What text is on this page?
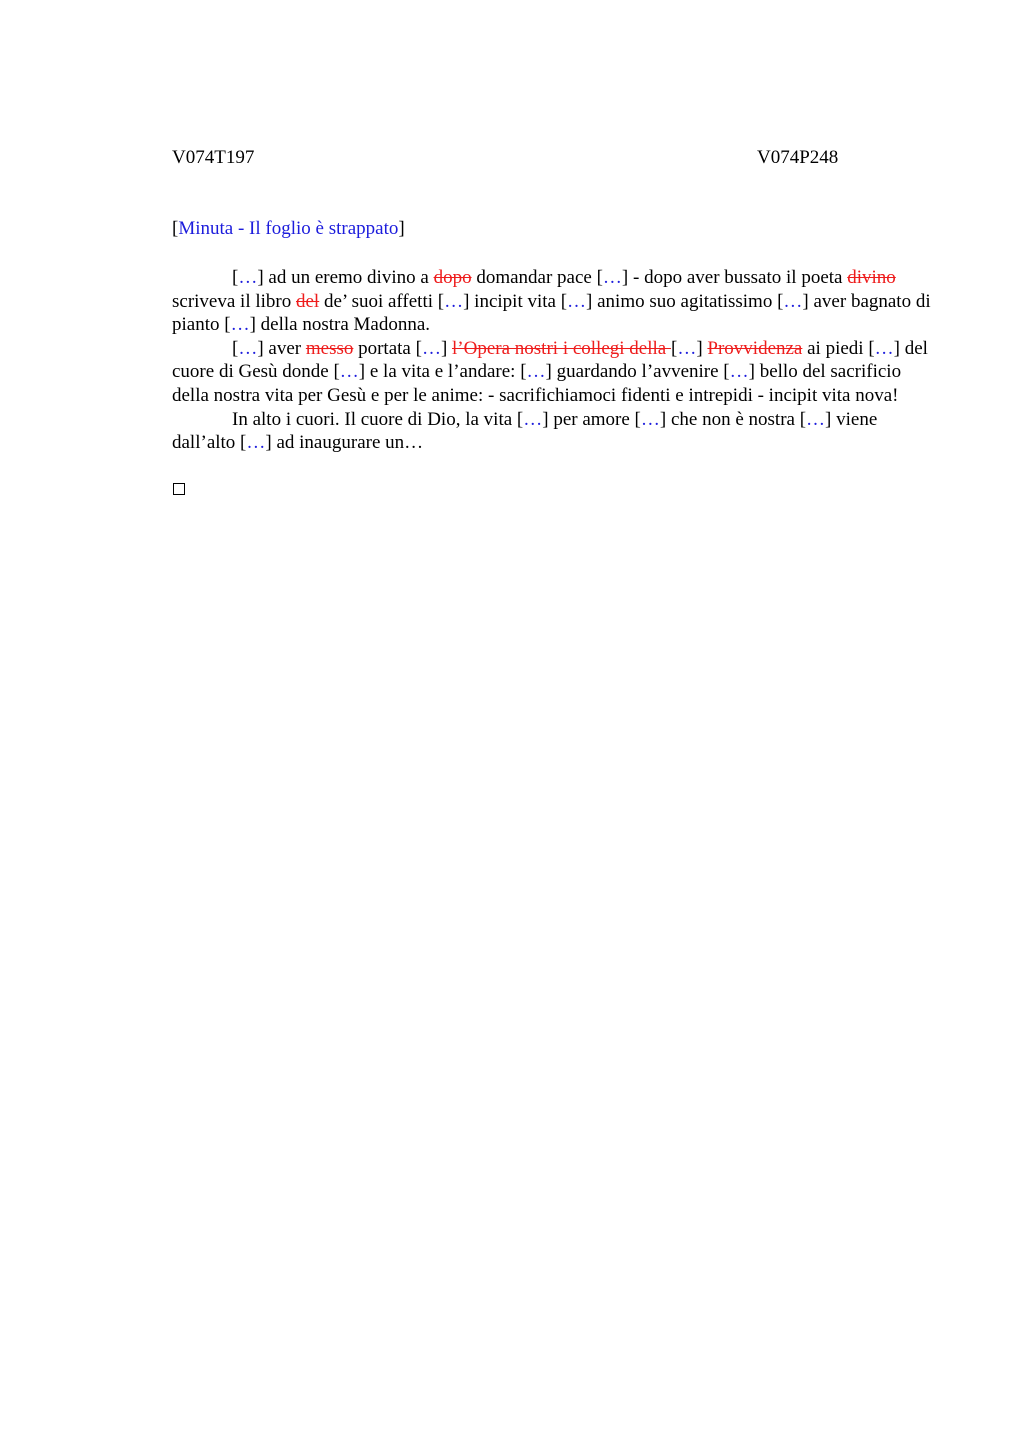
V074T197	V074P248
[Minuta - Il foglio è strappato]

[…] ad un eremo divino a dopo domandar pace […] - dopo aver bussato il poeta divino scriveva il libro del de’ suoi affetti […] incipit vita […] animo suo agitatissimo […] aver bagnato di pianto […] della nostra Madonna.

[…] aver messo portata […] l’Opera nostri i collegi della […] Provvidenza ai piedi […] del cuore di Gesù donde […] e la vita e l’andare: […] guardando l’avvenire […] bello del sacrificio della nostra vita per Gesù e per le anime: - sacrifichiamoci fidenti e intrepidi - incipit vita nova!

In alto i cuori. Il cuore di Dio, la vita […] per amore […] che non è nostra […] viene dall’alto […] ad inaugurare un…
